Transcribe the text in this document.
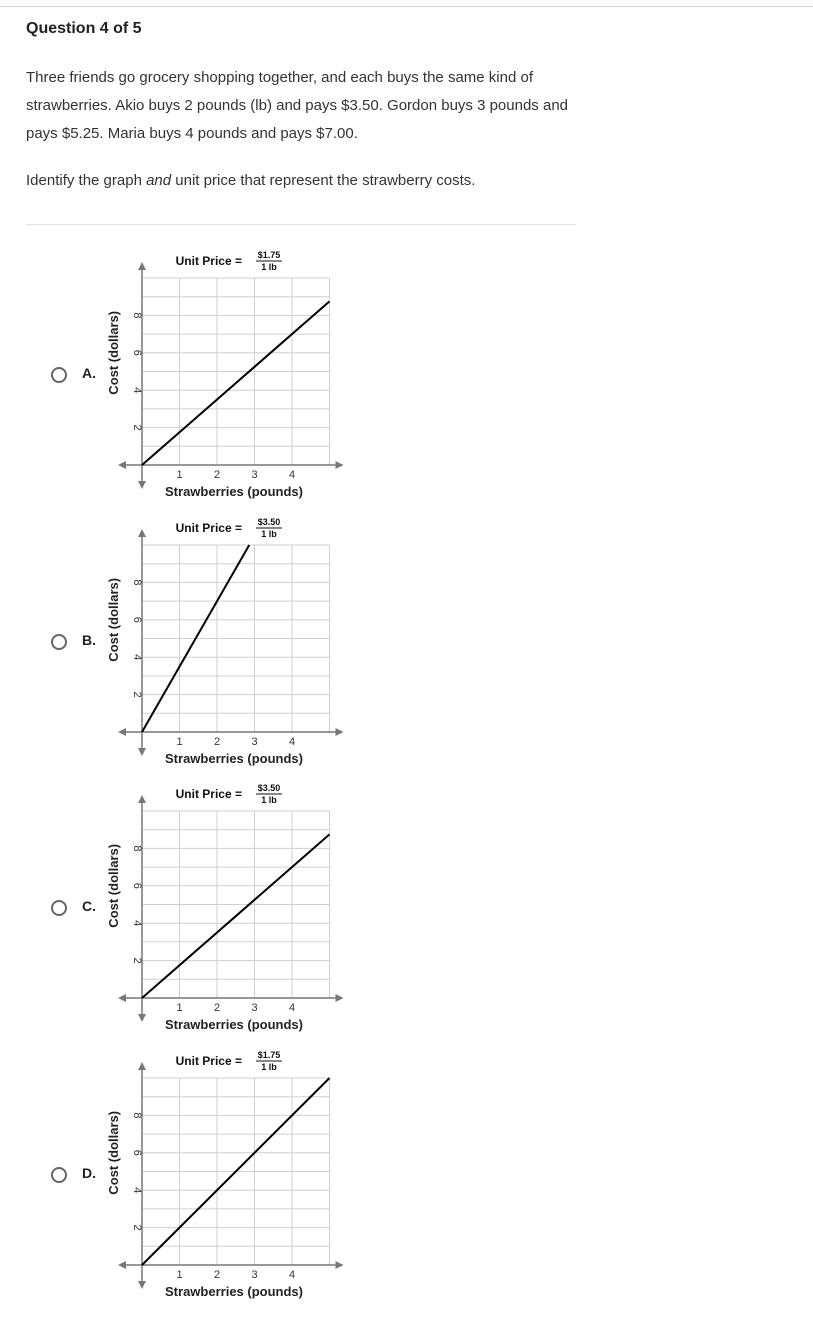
Question 4 of 5
Three friends go grocery shopping together, and each buys the same kind of strawberries. Akio buys 2 pounds (lb) and pays $3.50. Gordon buys 3 pounds and pays $5.25. Maria buys 4 pounds and pays $7.00.
Identify the graph and unit price that represent the strawberry costs.
A.
Unit Price = $1.75
1 lb
1	2	3	4
2
4
6
8
Strawberries (pounds)
Cost (dollars)
B.
Unit Price = $3.50
1 lb
1	2	3	4
2
4
6
8
Strawberries (pounds)
Cost (dollars)
C.
Unit Price = $3.50
1 lb
1	2	3	4
2
4
6
8
Strawberries (pounds)
Cost (dollars)
D.
Unit Price = $1.75
1 lb
1	2	3	4
2
4
6
8
Strawberries (pounds)
Cost (dollars)
